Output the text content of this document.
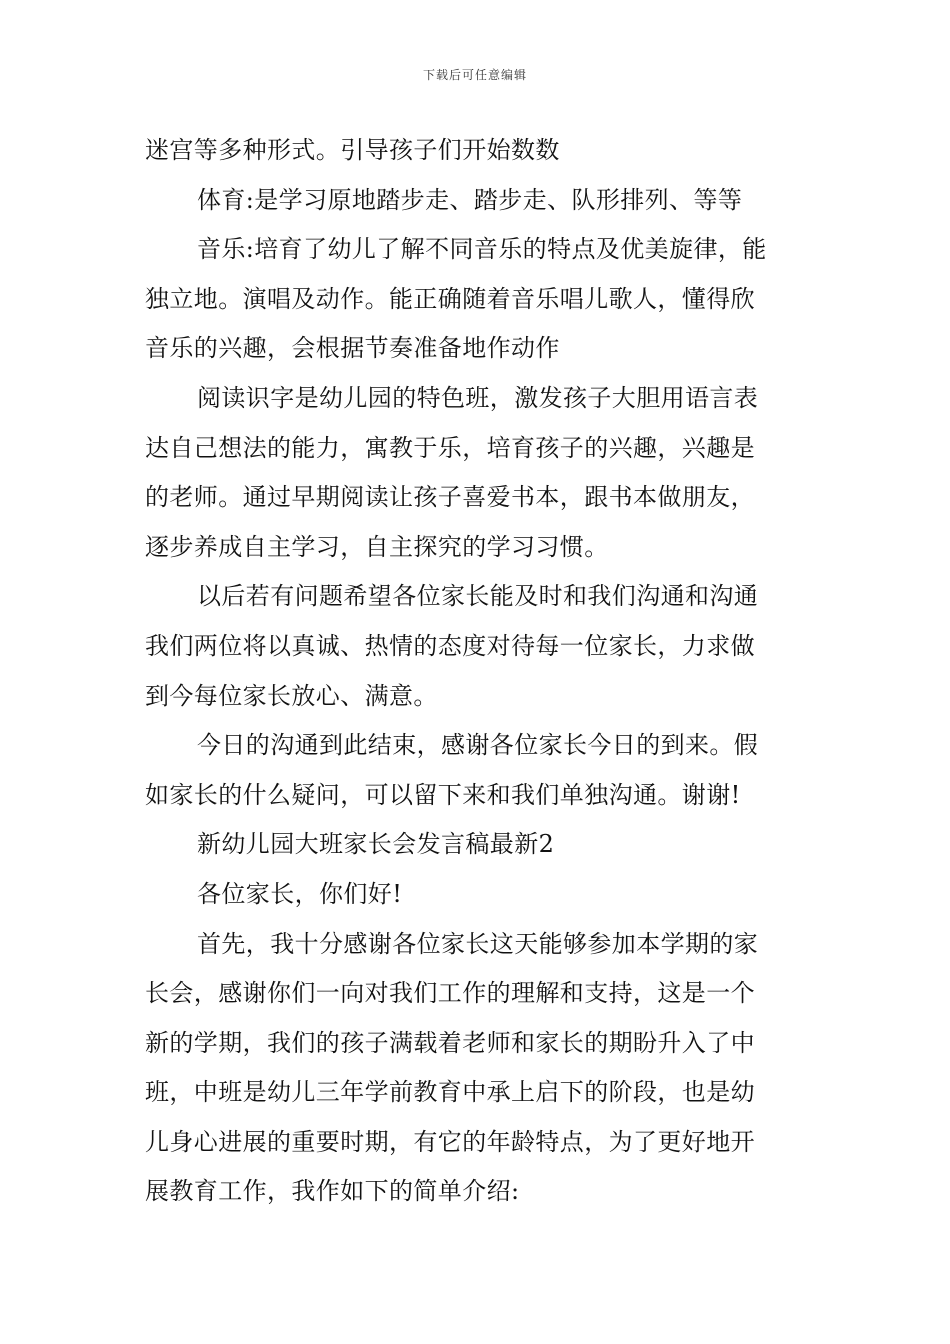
下载后可任意编辑
迷宫等多种形式。引导孩子们开始数数
体育:是学习原地踏步走、踏步走、队形排列、等等
音乐:培育了幼儿了解不同音乐的特点及优美旋律，能
独立地。演唱及动作。能正确随着音乐唱儿歌人，懂得欣
音乐的兴趣，会根据节奏准备地作动作
阅读识字是幼儿园的特色班，激发孩子大胆用语言表
达自己想法的能力，寓教于乐，培育孩子的兴趣，兴趣是
的老师。通过早期阅读让孩子喜爱书本，跟书本做朋友，
逐步养成自主学习，自主探究的学习习惯。
以后若有问题希望各位家长能及时和我们沟通和沟通
我们两位将以真诚、热情的态度对待每一位家长，力求做
到今每位家长放心、满意。
今日的沟通到此结束，感谢各位家长今日的到来。假
如家长的什么疑问，可以留下来和我们单独沟通。谢谢!
新幼儿园大班家长会发言稿最新2
各位家长，你们好!
首先，我十分感谢各位家长这天能够参加本学期的家
长会，感谢你们一向对我们工作的理解和支持，这是一个
新的学期，我们的孩子满载着老师和家长的期盼升入了中
班，中班是幼儿三年学前教育中承上启下的阶段，也是幼
儿身心进展的重要时期，有它的年龄特点，为了更好地开
展教育工作，我作如下的简单介绍:
